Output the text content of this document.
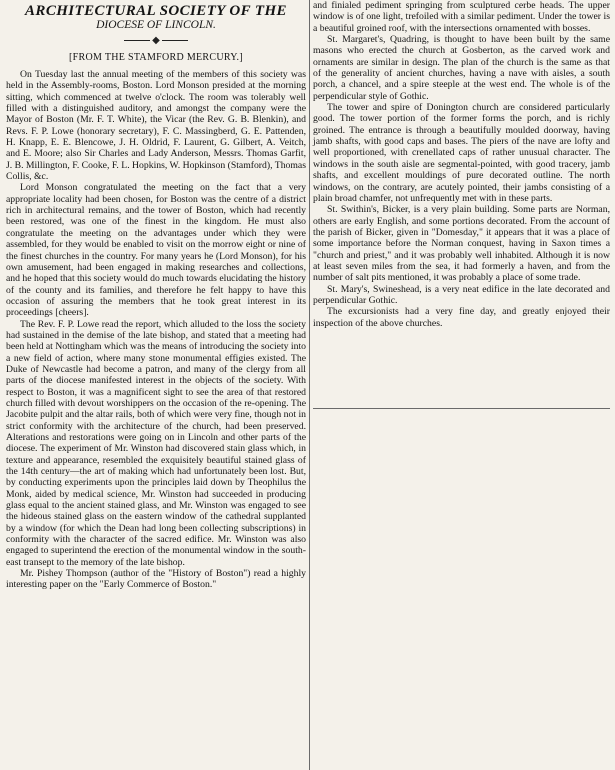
ARCHITECTURAL SOCIETY OF THE
DIOCESE OF LINCOLN.
◆
[FROM THE STAMFORD MERCURY.]

On Tuesday last the annual meeting of the members of this society was held in the Assembly-rooms, Boston. Lord Monson presided at the morning sitting, which commenced at twelve o'clock. The room was tolerably well filled with a distinguished auditory, and amongst the company were the Mayor of Boston (Mr. F. T. White), the Vicar (the Rev. G. B. Blenkin), and Revs. F. P. Lowe (honorary secretary), F. C. Massingberd, G. E. Pattenden, H. Knapp, E. E. Blencowe, J. H. Oldrid, F. Laurent, G. Gilbert, A. Veitch, and E. Moore; also Sir Charles and Lady Anderson, Messrs. Thomas Garfit, J. B. Millington, F. Cooke, F. L. Hopkins, W. Hopkinson (Stamford), Thomas Collis, &c.

Lord Monson congratulated the meeting on the fact that a very appropriate locality had been chosen, for Boston was the centre of a district rich in architectural remains, and the tower of Boston, which had recently been restored, was one of the finest in the kingdom. He must also congratulate the meeting on the advantages under which they were assembled, for they would be enabled to visit on the morrow eight or nine of the finest churches in the country. For many years he (Lord Monson), for his own amusement, had been engaged in making researches and collections, and he hoped that this society would do much towards elucidating the history of the county and its families, and therefore he felt happy to have this occasion of assuring the members that he took great interest in its proceedings [cheers].

The Rev. F. P. Lowe read the report, which alluded to the loss the society had sustained in the demise of the late bishop, and stated that a meeting had been held at Nottingham which was the means of introducing the society into a new field of action, where many stone monumental effigies existed. The Duke of Newcastle had become a patron, and many of the clergy from all parts of the diocese manifested interest in the objects of the society. With respect to Boston, it was a magnificent sight to see the area of that restored church filled with devout worshippers on the occasion of the re-opening. The Jacobite pulpit and the altar rails, both of which were very fine, though not in strict conformity with the architecture of the church, had been preserved. Alterations and restorations were going on in Lincoln and other parts of the diocese. The experiment of Mr. Winston had discovered stain glass which, in texture and appearance, resembled the exquisitely beautiful stained glass of the 14th century—the art of making which had unfortunately been lost. But, by conducting experiments upon the principles laid down by Theophilus the Monk, aided by medical science, Mr. Winston had succeeded in producing glass equal to the ancient stained glass, and Mr. Winston was engaged to see the hideous stained glass on the eastern window of the cathedral supplanted by a window (for which the Dean had long been collecting subscriptions) in conformity with the character of the sacred edifice. Mr. Winston was also engaged to superintend the erection of the monumental window in the south-east transept to the memory of the late bishop.

Mr. Pishey Thompson (author of the "History of Boston") read a highly interesting paper on the "Early Commerce of Boston."

and finialed pediment springing from sculptured cerbe heads. The upper window is of one light, trefoiled with a similar pediment. Under the tower is a beautiful groined roof, with the intersections ornamented with bosses.

St. Margaret's, Quadring, is thought to have been built by the same masons who erected the church at Gosberton, as the carved work and ornaments are similar in design. The plan of the church is the same as that of the generality of ancient churches, having a nave with aisles, a south porch, a chancel, and a spire steeple at the west end. The whole is of the perpendicular style of Gothic.

The tower and spire of Donington church are considered particularly good. The tower portion of the former forms the porch, and is richly groined. The entrance is through a beautifully moulded doorway, having jamb shafts, with good caps and bases. The piers of the nave are lofty and well proportioned, with crenellated caps of rather unusual character. The windows in the south aisle are segmental-pointed, with good tracery, jamb shafts, and excellent mouldings of pure decorated outline. The north windows, on the contrary, are acutely pointed, their jambs consisting of a plain broad chamfer, not unfrequently met with in these parts.

St. Swithin's, Bicker, is a very plain building. Some parts are Norman, others are early English, and some portions decorated. From the account of the parish of Bicker, given in "Domesday," it appears that it was a place of some importance before the Norman conquest, having in Saxon times a "church and priest," and it was probably well inhabited. Although it is now at least seven miles from the sea, it had formerly a haven, and from the number of salt pits mentioned, it was probably a place of some trade.

St. Mary's, Swineshead, is a very neat edifice in the late decorated and perpendicular Gothic.

The excursionists had a very fine day, and greatly enjoyed their inspection of the above churches.
